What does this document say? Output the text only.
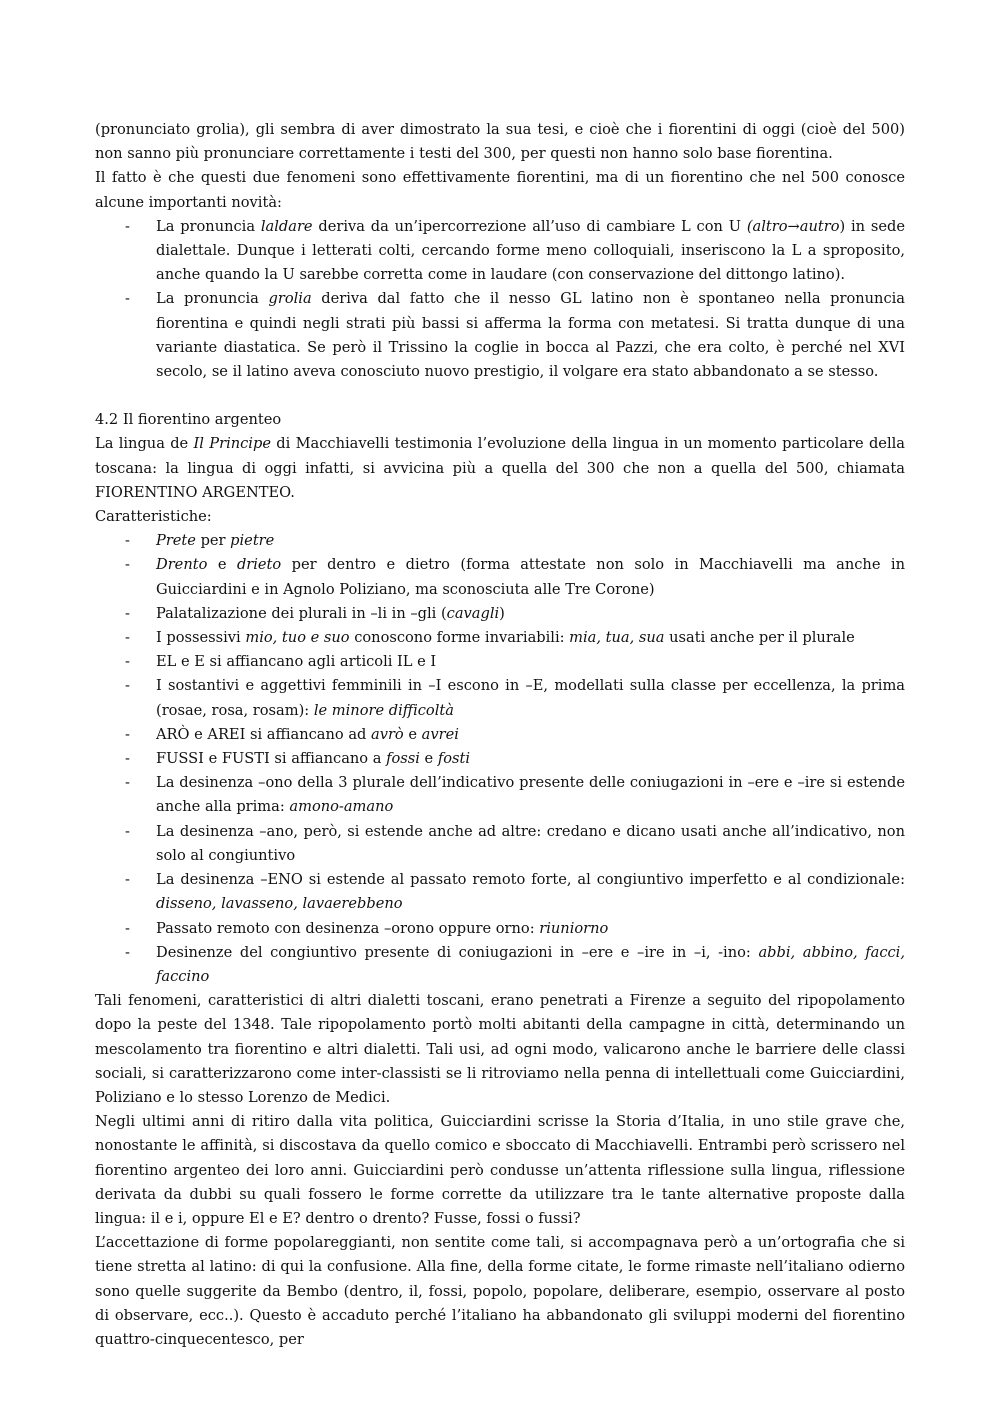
(pronunciato grolia), gli sembra di aver dimostrato la sua tesi, e cioè che i fiorentini di oggi (cioè del 500) non sanno più pronunciare correttamente i testi del 300, per questi non hanno solo base fiorentina.

Il fatto è che questi due fenomeni sono effettivamente fiorentini, ma di un fiorentino che nel 500 conosce alcune importanti novità:

- La pronuncia laldare deriva da un’ipercorrezione all’uso di cambiare L con U (altro→autro) in sede dialettale. Dunque i letterati colti, cercando forme meno colloquiali, inseriscono la L a sproposito, anche quando la U sarebbe corretta come in laudare (con conservazione del dittongo latino).
- La pronuncia grolia deriva dal fatto che il nesso GL latino non è spontaneo nella pronuncia fiorentina e quindi negli strati più bassi si afferma la forma con metatesi. Si tratta dunque di una variante diastatica. Se però il Trissino la coglie in bocca al Pazzi, che era colto, è perché nel XVI secolo, se il latino aveva conosciuto nuovo prestigio, il volgare era stato abbandonato a se stesso.

4.2 Il fiorentino argenteo

La lingua de Il Principe di Macchiavelli testimonia l’evoluzione della lingua in un momento particolare della toscana: la lingua di oggi infatti, si avvicina più a quella del 300 che non a quella del 500, chiamata FIORENTINO ARGENTEO.

Caratteristiche:

- Prete per pietre
- Drento e drieto per dentro e dietro (forma attestate non solo in Macchiavelli ma anche in Guicciardini e in Agnolo Poliziano, ma sconosciuta alle Tre Corone)
- Palatalizazione dei plurali in –li in –gli (cavagli)
- I possessivi mio, tuo e suo conoscono forme invariabili: mia, tua, sua usati anche per il plurale
- EL e E si affiancano agli articoli IL e I
- I sostantivi e aggettivi femminili in –I escono in –E, modellati sulla classe per eccellenza, la prima (rosae, rosa, rosam): le minore difficoltà
- ARÒ e AREI si affiancano ad avrò e avrei
- FUSSI e FUSTI si affiancano a fossi e fosti
- La desinenza –ono della 3 plurale dell’indicativo presente delle coniugazioni in –ere e –ire si estende anche alla prima: amono-amano
- La desinenza –ano, però, si estende anche ad altre: credano e dicano usati anche all’indicativo, non solo al congiuntivo
- La desinenza –ENO si estende al passato remoto forte, al congiuntivo imperfetto e al condizionale: disseno, lavasseno, lavaerebbeno
- Passato remoto con desinenza –orono oppure orno: riuniorno
- Desinenze del congiuntivo presente di coniugazioni in –ere e –ire in –i, -ino: abbi, abbino, facci, faccino

Tali fenomeni, caratteristici di altri dialetti toscani, erano penetrati a Firenze a seguito del ripopolamento dopo la peste del 1348. Tale ripopolamento portò molti abitanti della campagne in città, determinando un mescolamento tra fiorentino e altri dialetti. Tali usi, ad ogni modo, valicarono anche le barriere delle classi sociali, si caratterizzarono come inter-classisti se li ritroviamo nella penna di intellettuali come Guicciardini, Poliziano e lo stesso Lorenzo de Medici.

Negli ultimi anni di ritiro dalla vita politica, Guicciardini scrisse la Storia d’Italia, in uno stile grave che, nonostante le affinità, si discostava da quello comico e sboccato di Macchiavelli. Entrambi però scrissero nel fiorentino argenteo dei loro anni. Guicciardini però condusse un’attenta riflessione sulla lingua, riflessione derivata da dubbi su quali fossero le forme corrette da utilizzare tra le tante alternative proposte dalla lingua: il e i, oppure El e E? dentro o drento? Fusse, fossi o fussi?

L’accettazione di forme popolareggianti, non sentite come tali, si accompagnava però a un’ortografia che si tiene stretta al latino: di qui la confusione. Alla fine, della forme citate, le forme rimaste nell’italiano odierno sono quelle suggerite da Bembo (dentro, il, fossi, popolo, popolare, deliberare, esempio, osservare al posto di observare, ecc..). Questo è accaduto perché l’italiano ha abbandonato gli sviluppi moderni del fiorentino quattro-cinquecentesco, per
